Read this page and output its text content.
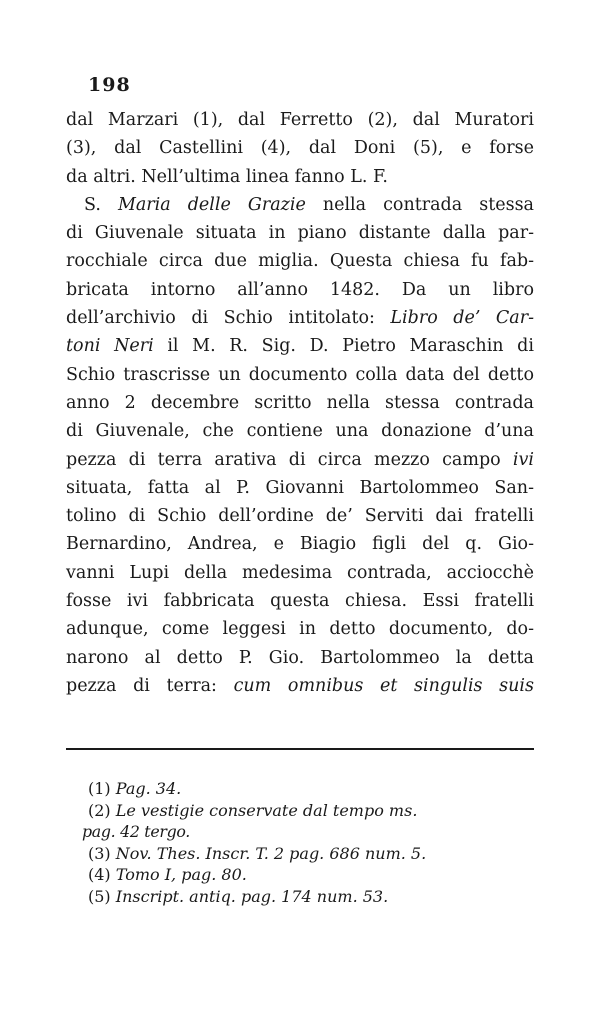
198
dal Marzari (1), dal Ferretto (2), dal Muratori
(3), dal Castellini (4), dal Doni (5), e forse
da altri. Nell’ultima linea fanno L. F.
S. Maria delle Grazie nella contrada stessa
di Giuvenale situata in piano distante dalla par-
rocchiale circa due miglia. Questa chiesa fu fab-
bricata intorno all’anno 1482. Da un libro
dell’archivio di Schio intitolato: Libro de’ Car-
toni Neri il M. R. Sig. D. Pietro Maraschin di
Schio trascrisse un documento colla data del detto
anno 2 decembre scritto nella stessa contrada
di Giuvenale, che contiene una donazione d’una
pezza di terra arativa di circa mezzo campo ivi
situata, fatta al P. Giovanni Bartolommeo San-
tolino di Schio dell’ordine de’ Serviti dai fratelli
Bernardino, Andrea, e Biagio figli del q. Gio-
vanni Lupi della medesima contrada, acciocchè
fosse ivi fabbricata questa chiesa. Essi fratelli
adunque, come leggesi in detto documento, do-
narono al detto P. Gio. Bartolommeo la detta
pezza di terra: cum omnibus et singulis suis
(1) Pag. 34.
(2) Le vestigie conservate dal tempo ms.
pag. 42 tergo.
(3) Nov. Thes. Inscr. T. 2 pag. 686 num. 5.
(4) Tomo I, pag. 80.
(5) Inscript. antiq. pag. 174 num. 53.
